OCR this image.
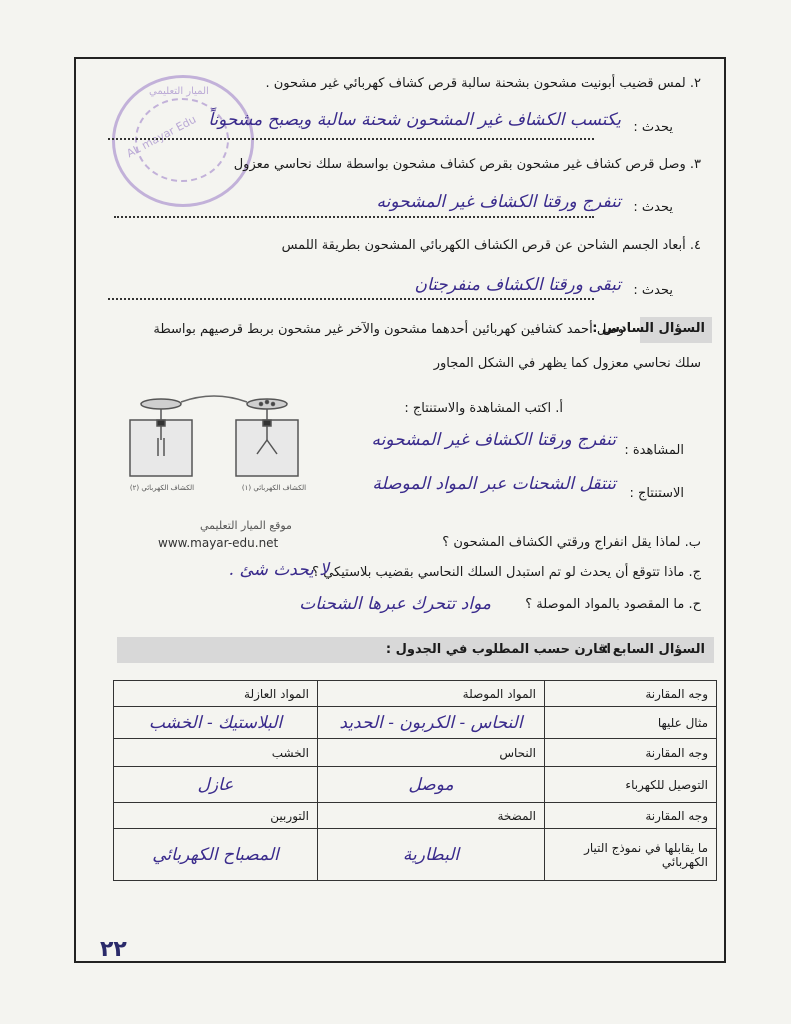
AL mayar Edu
الميار التعليمي
٢. لمس قضيب أبونيت مشحون بشحنة سالبة قرص كشاف كهربائي غير مشحون .
يحدث :
يكتسب الكشاف غير المشحون شحنة سالبة ويصبح مشحوناً
٣. وصل قرص كشاف غير مشحون بقرص كشاف مشحون بواسطة سلك نحاسي معزول
يحدث :
تنفرج ورقتا الكشاف غير المشحونه
٤. أبعاد الجسم الشاحن عن قرص الكشاف الكهربائي المشحون بطريقة اللمس
يحدث :
تبقى ورقتا الكشاف منفرجتان
السؤال السادس :
وصل أحمد كشافين كهربائين أحدهما مشحون والآخر غير مشحون بربط قرصيهم بواسطة
سلك نحاسي معزول كما يظهر في الشكل المجاور
أ. اكتب المشاهدة والاستنتاج :
المشاهدة :
تنفرج ورقتا الكشاف غير المشحونه
الاستنتاج :
تنتقل الشحنات عبر المواد الموصلة
الكشاف الكهربائي (١)
الكشاف الكهربائي (٢)
موقع الميار التعليمي
www.mayar-edu.net	ب. لماذا يقل انفراج ورقتي الكشاف المشحون ؟
ج. ماذا تتوقع أن يحدث لو تم استبدل السلك النحاسي بقضيب بلاستيكي ؟
لا يحدث شئ .
ح. ما المقصود بالمواد الموصلة ؟
مواد تتحرك عبرها الشحنات
السؤال السابع :
اقارن حسب المطلوب في الجدول :
وجه المقارنة	المواد الموصلة	المواد العازلة
مثال عليها	النحاس - الكربون - الحديد	البلاستيك - الخشب
وجه المقارنة	النحاس	الخشب
التوصيل للكهرباء	موصل	عازل
وجه المقارنة	المضخة	التوربين
ما يقابلها في نموذج التيار الكهربائي	البطارية	المصباح الكهربائي
٢٢
